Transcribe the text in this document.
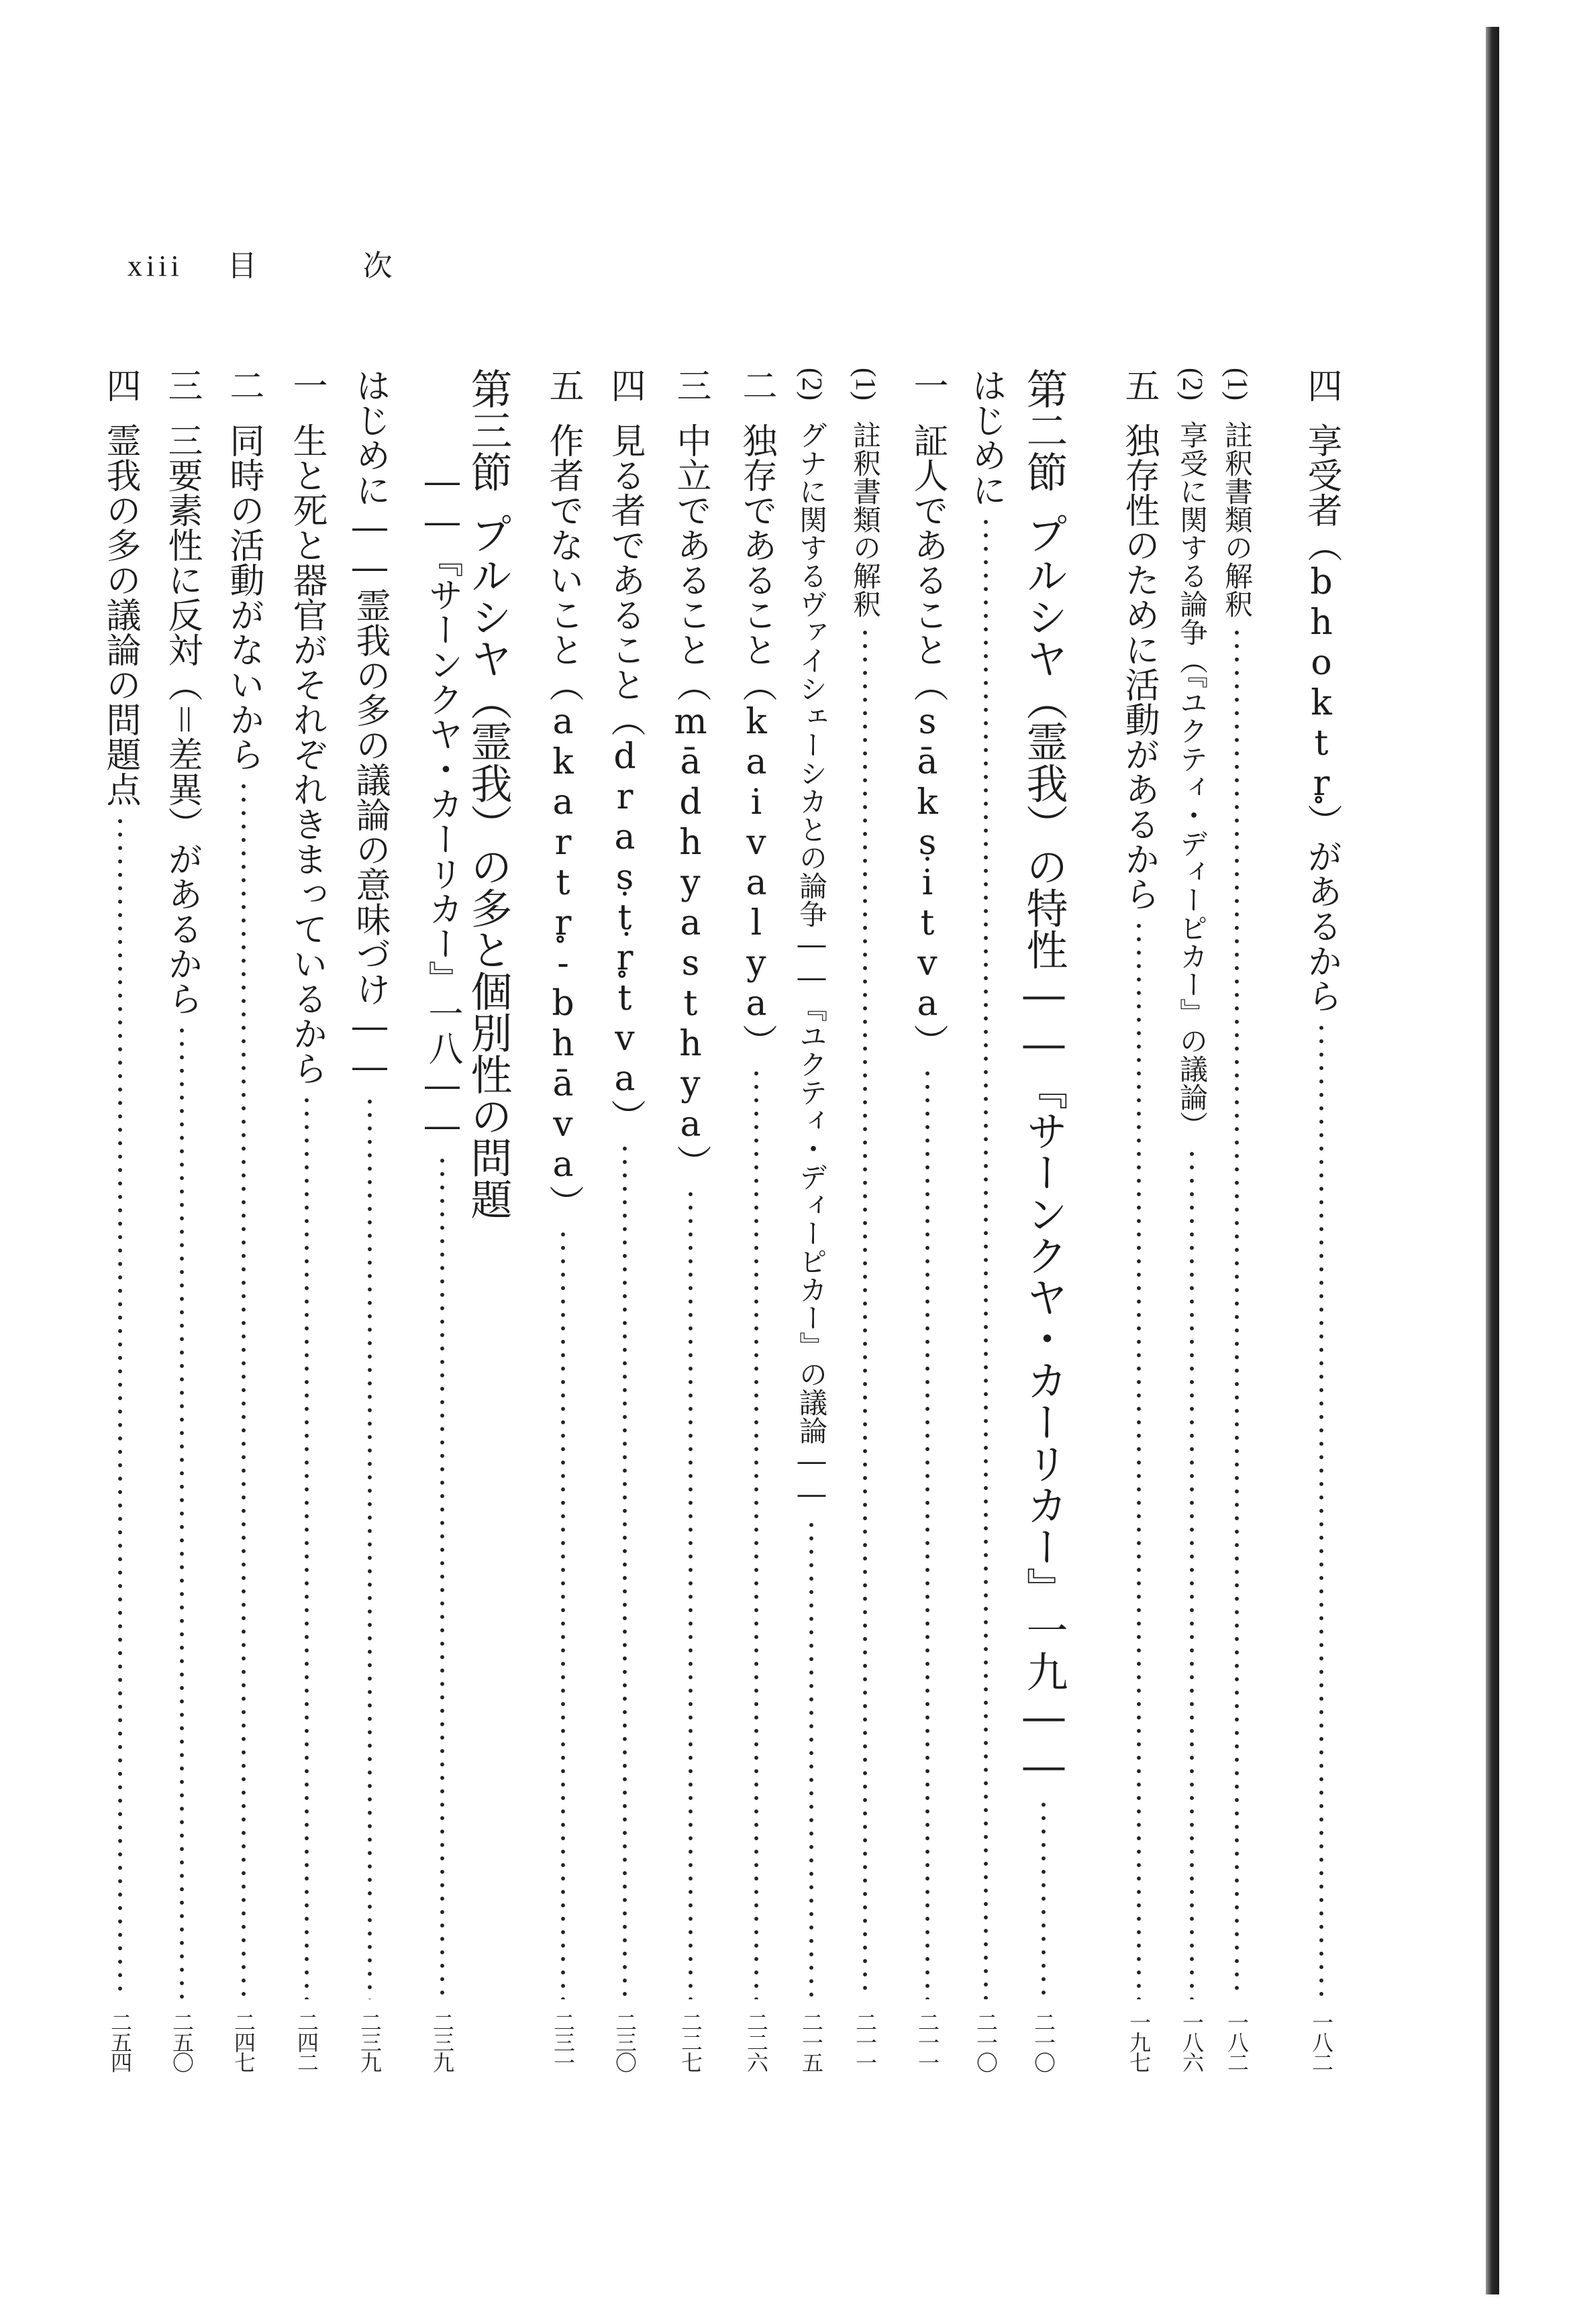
xiii 目 次
四
享受者（bhoktr̥）があるから
一八二
(1)
註釈書類の解釈
一八二
(2)
享受に関する論争（『ユクティ・ディーピカー』の議論）
一八六
五
独存性のために活動があるから
一九七
第二節
プルシヤ（霊我）の特性――『サーンクヤ・カーリカー』一九――
二一〇
はじめに
二一〇
一
証人であること（sākṣitva）
二一一
(1)
註釈書類の解釈
二一一
(2)
グナに関するヴァイシェーシカとの論争――『ユクティ・ディーピカー』の議論――
二一五
二
独存であること（kaivalya）
二二六
三
中立であること（mādhyasthya）
二二七
四
見る者であること（draṣṭr̥tva）
二三〇
五
作者でないこと（akartr̥-bhāva）
二三一
第三節
プルシヤ（霊我）の多と個別性の問題
――『サーンクヤ・カーリカー』一八――
二三九
はじめに――霊我の多の議論の意味づけ――
二三九
一
生と死と器官がそれぞれきまっているから
二四二
二
同時の活動がないから
二四七
三
三要素性に反対（＝差異）があるから
二五〇
四
霊我の多の議論の問題点
二五四
